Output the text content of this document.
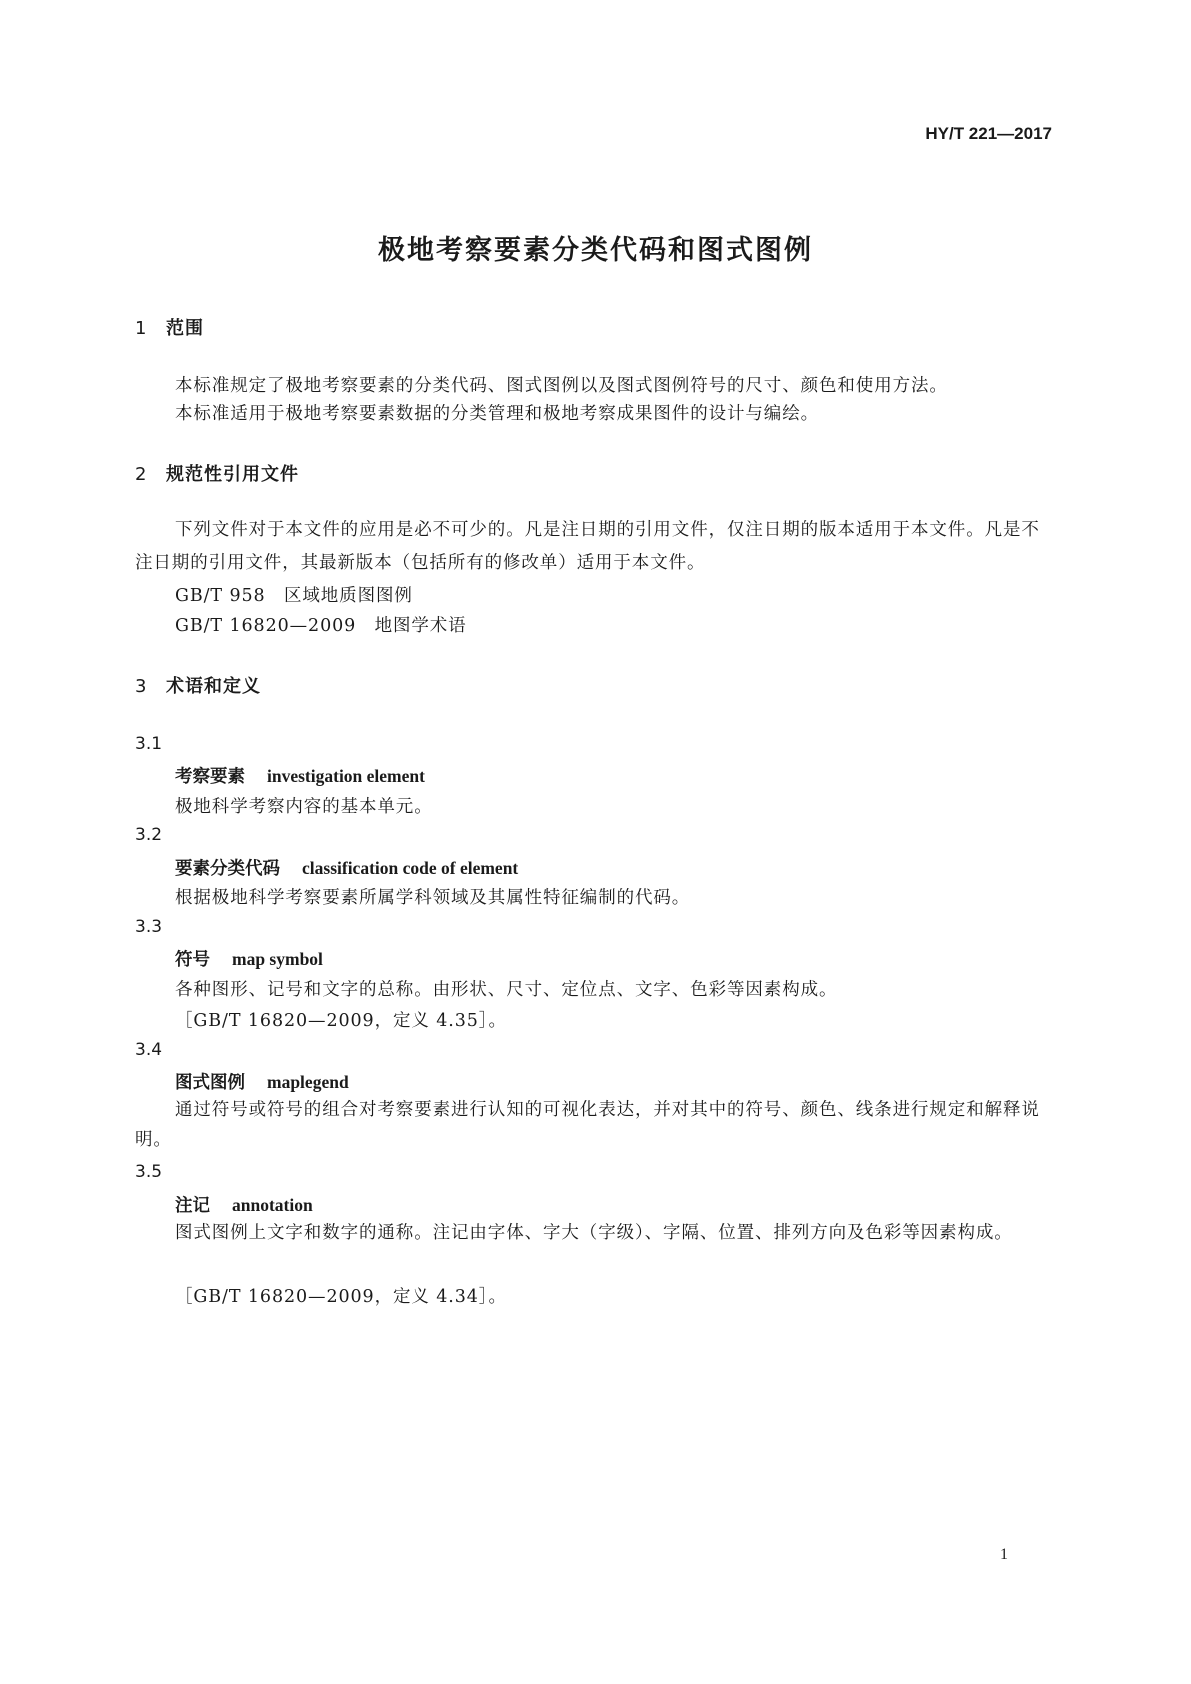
HY/T 221—2017
极地考察要素分类代码和图式图例
1 范围
本标准规定了极地考察要素的分类代码、图式图例以及图式图例符号的尺寸、颜色和使用方法。
本标准适用于极地考察要素数据的分类管理和极地考察成果图件的设计与编绘。
2 规范性引用文件
下列文件对于本文件的应用是必不可少的。凡是注日期的引用文件，仅注日期的版本适用于本文件。凡是不注日期的引用文件，其最新版本（包括所有的修改单）适用于本文件。
GB/T 958　区域地质图图例
GB/T 16820—2009　地图学术语
3 术语和定义
3.1
考察要素 investigation element
极地科学考察内容的基本单元。
3.2
要素分类代码 classification code of element
根据极地科学考察要素所属学科领域及其属性特征编制的代码。
3.3
符号 map symbol
各种图形、记号和文字的总称。由形状、尺寸、定位点、文字、色彩等因素构成。
［GB/T 16820—2009，定义 4.35］。
3.4
图式图例 maplegend
通过符号或符号的组合对考察要素进行认知的可视化表达，并对其中的符号、颜色、线条进行规定和解释说明。
3.5
注记 annotation
图式图例上文字和数字的通称。注记由字体、字大（字级）、字隔、位置、排列方向及色彩等因素构成。
［GB/T 16820—2009，定义 4.34］。
1
